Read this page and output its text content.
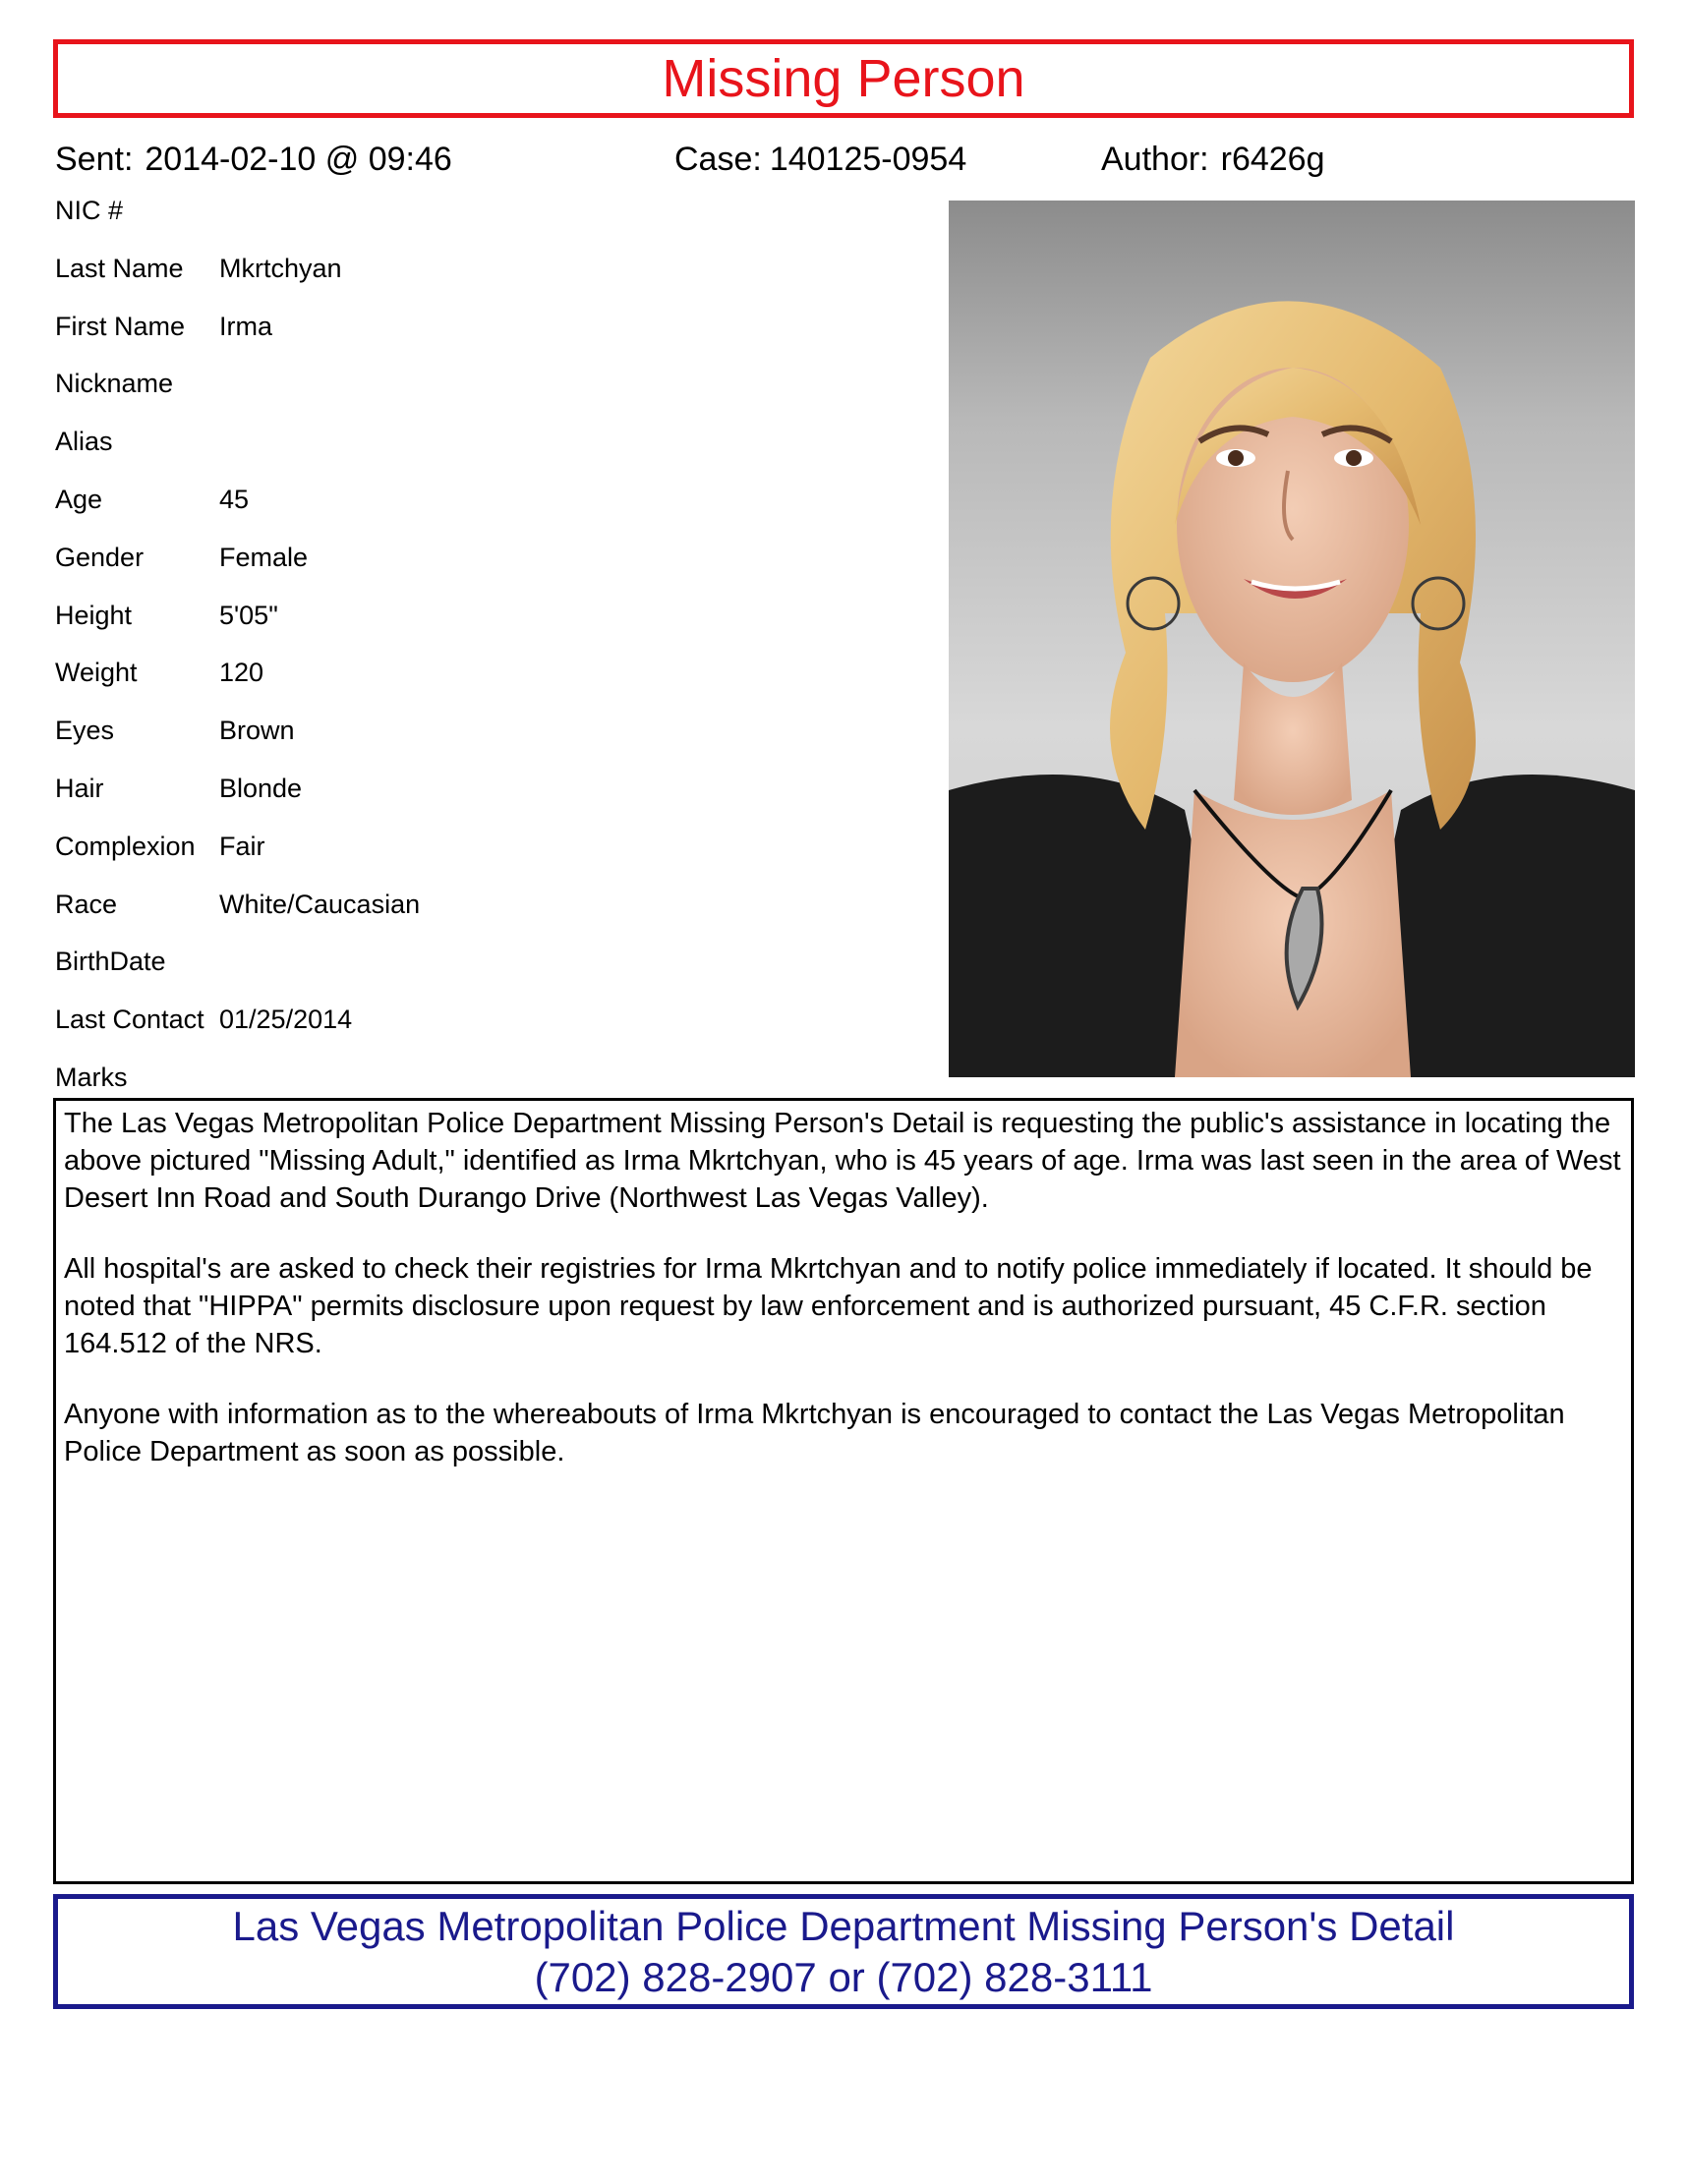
Missing Person
Sent: 2014-02-10 @ 09:46	Case: 140125-0954	Author: r6426g
NIC #
Last Name Mkrtchyan
First Name Irma
Nickname
Alias
Age	45
Gender	Female
Height	5'05"
Weight	120
Eyes	Brown
Hair	Blonde
Complexion Fair
Race	White/Caucasian
BirthDate
Last Contact 01/25/2014
Marks

The Las Vegas Metropolitan Police Department Missing Person's Detail is requesting the public's assistance in locating the above pictured "Missing Adult," identified as Irma Mkrtchyan, who is 45 years of age. Irma was last seen in the area of West Desert Inn Road and South Durango Drive (Northwest Las Vegas Valley).

All hospital's are asked to check their registries for Irma Mkrtchyan and to notify police immediately if located. It should be noted that "HIPPA" permits disclosure upon request by law enforcement and is authorized pursuant, 45 C.F.R. section 164.512 of the NRS.

Anyone with information as to the whereabouts of Irma Mkrtchyan is encouraged to contact the Las Vegas Metropolitan Police Department as soon as possible.

Las Vegas Metropolitan Police Department Missing Person's Detail
(702) 828-2907 or (702) 828-3111
